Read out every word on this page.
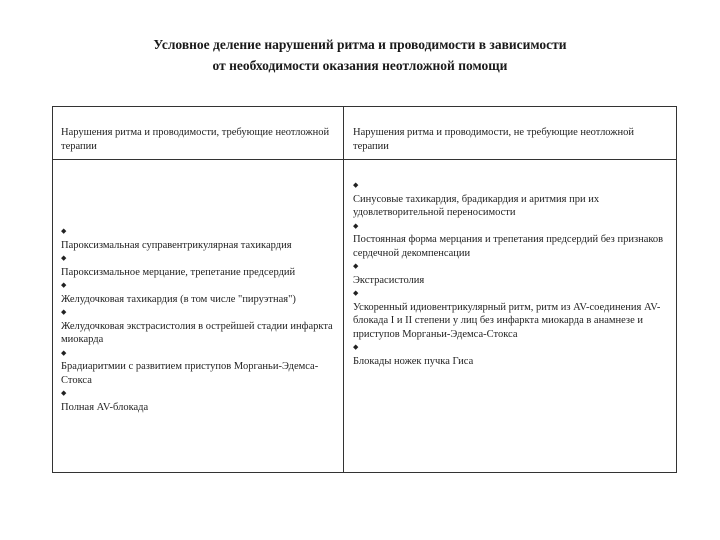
Условное деление нарушений ритма и проводимости в зависимости
от необходимости оказания неотложной помощи
Нарушения ритма и проводимости, требующие неотложной терапии
Нарушения ритма и проводимости, не требующие неотложной терапии
◆
Пароксизмальная суправентрикулярная тахикардия
◆
Пароксизмальное мерцание, трепетание предсердий
◆
Желудочковая тахикардия (в том числе "пируэтная")
◆
Желудочковая экстрасистолия в острейшей стадии инфаркта миокарда
◆
Брадиаритмии с развитием приступов Морганьи-Эдемса-Стокса
◆
Полная AV-блокада
◆
Синусовые тахикардия, брадикардия и аритмия при их удовлетворительной переносимости
◆
Постоянная форма мерцания и трепетания предсердий без признаков сердечной декомпенсации
◆
Экстрасистолия
◆
Ускоренный идиовентрикулярный ритм, ритм из AV-соединения AV-блокада I и II степени у лиц без инфаркта миокарда в анамнезе и приступов Морганьи-Эдемса-Стокса
◆
Блокады ножек пучка Гиса
